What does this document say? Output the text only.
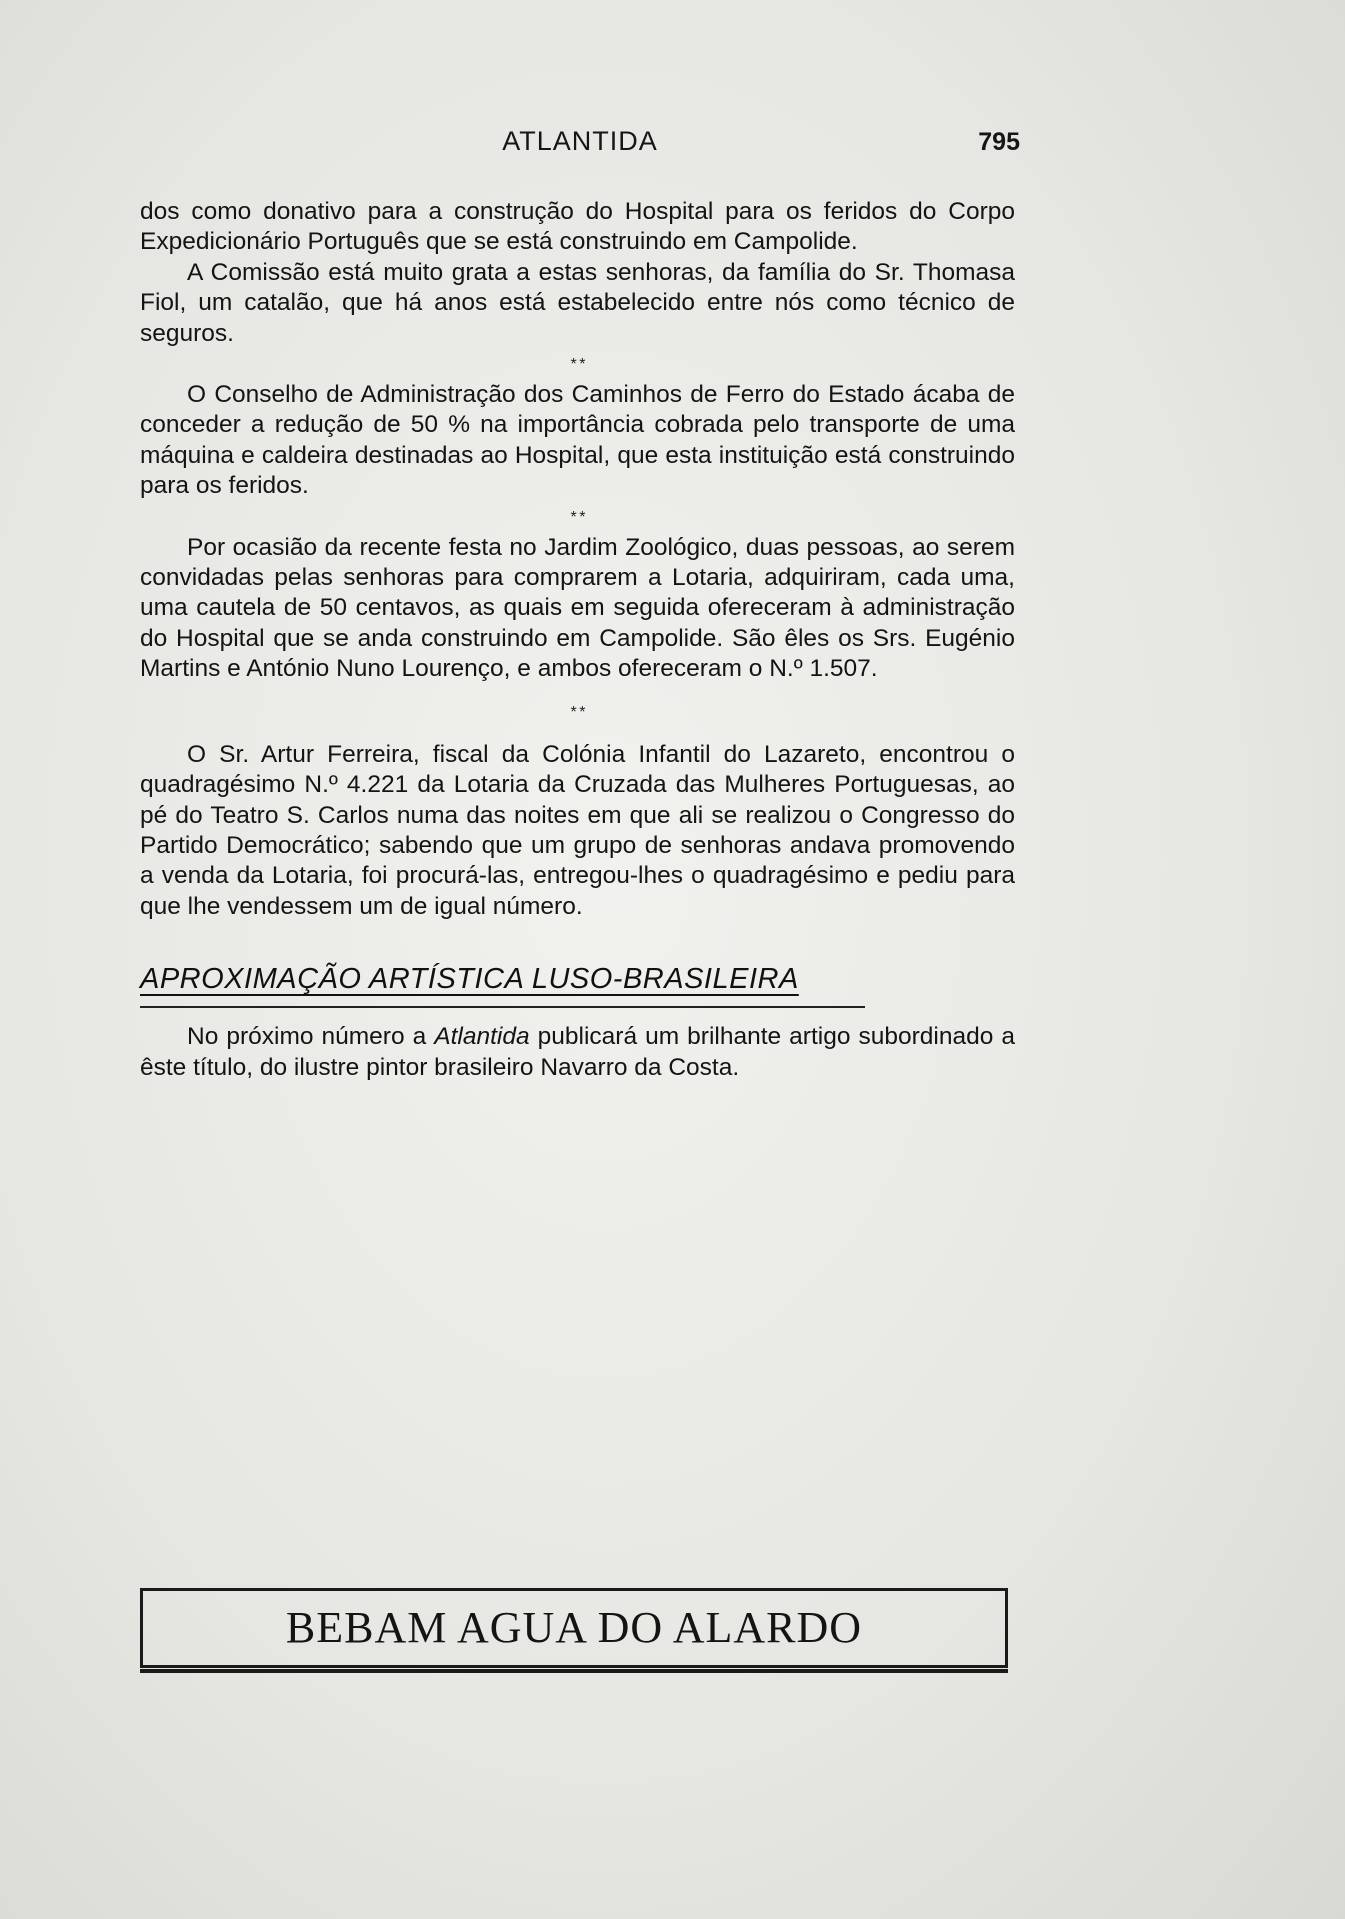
ATLANTIDA	795

dos como donativo para a construção do Hospital para os feridos do Corpo Expedicionário Português que se está construindo em Campolide.

A Comissão está muito grata a estas senhoras, da família do Sr. Thomasa Fiol, um catalão, que há anos está estabelecido entre nós como técnico de seguros.

* *

O Conselho de Administração dos Caminhos de Ferro do Estado ácaba de conceder a redução de 50 % na importância cobrada pelo transporte de uma máquina e caldeira destinadas ao Hospital, que esta instituição está construindo para os feridos.

* *

Por ocasião da recente festa no Jardim Zoológico, duas pessoas, ao serem convidadas pelas senhoras para comprarem a Lotaria, adquiriram, cada uma, uma cautela de 50 centavos, as quais em seguida ofereceram à administração do Hospital que se anda construindo em Campolide. São êles os Srs. Eugénio Martins e António Nuno Lourenço, e ambos ofereceram o N.º 1.507.

* *

O Sr. Artur Ferreira, fiscal da Colónia Infantil do Lazareto, encontrou o quadragésimo N.º 4.221 da Lotaria da Cruzada das Mulheres Portuguesas, ao pé do Teatro S. Carlos numa das noites em que ali se realizou o Congresso do Partido Democrático; sabendo que um grupo de senhoras andava promovendo a venda da Lotaria, foi procurá-las, entregou-lhes o quadragésimo e pediu para que lhe vendessem um de igual número.

APROXIMAÇÃO ARTÍSTICA LUSO-BRASILEIRA

No próximo número a Atlantida publicará um brilhante artigo subordinado a êste título, do ilustre pintor brasileiro Navarro da Costa.

BEBAM AGUA DO ALARDO
